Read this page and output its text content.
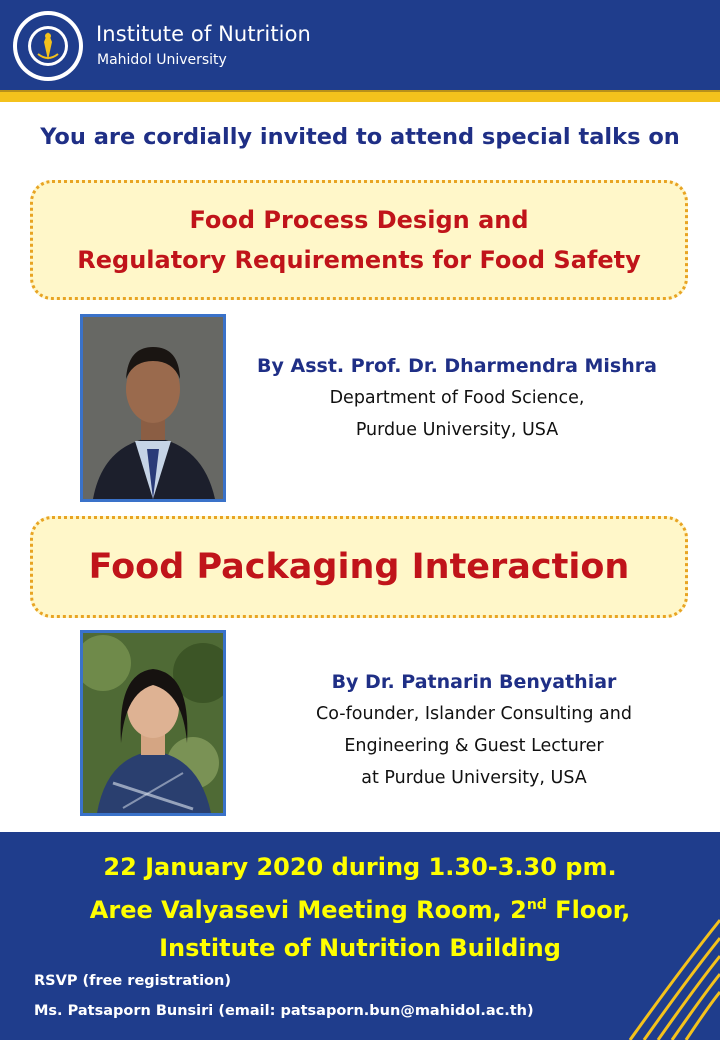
Institute of Nutrition
Mahidol University
You are cordially invited to attend special talks on
Food Process Design and
Regulatory Requirements for Food Safety
By Asst. Prof. Dr. Dharmendra Mishra
Department of Food Science,
Purdue University, USA
Food Packaging Interaction
By Dr. Patnarin Benyathiar
Co-founder, Islander Consulting and
Engineering & Guest Lecturer
at Purdue University, USA
22 January 2020 during 1.30-3.30 pm.
Aree Valyasevi Meeting Room, 2nd Floor,
Institute of Nutrition Building
RSVP (free registration)
Ms. Patsaporn Bunsiri (email: patsaporn.bun@mahidol.ac.th)
